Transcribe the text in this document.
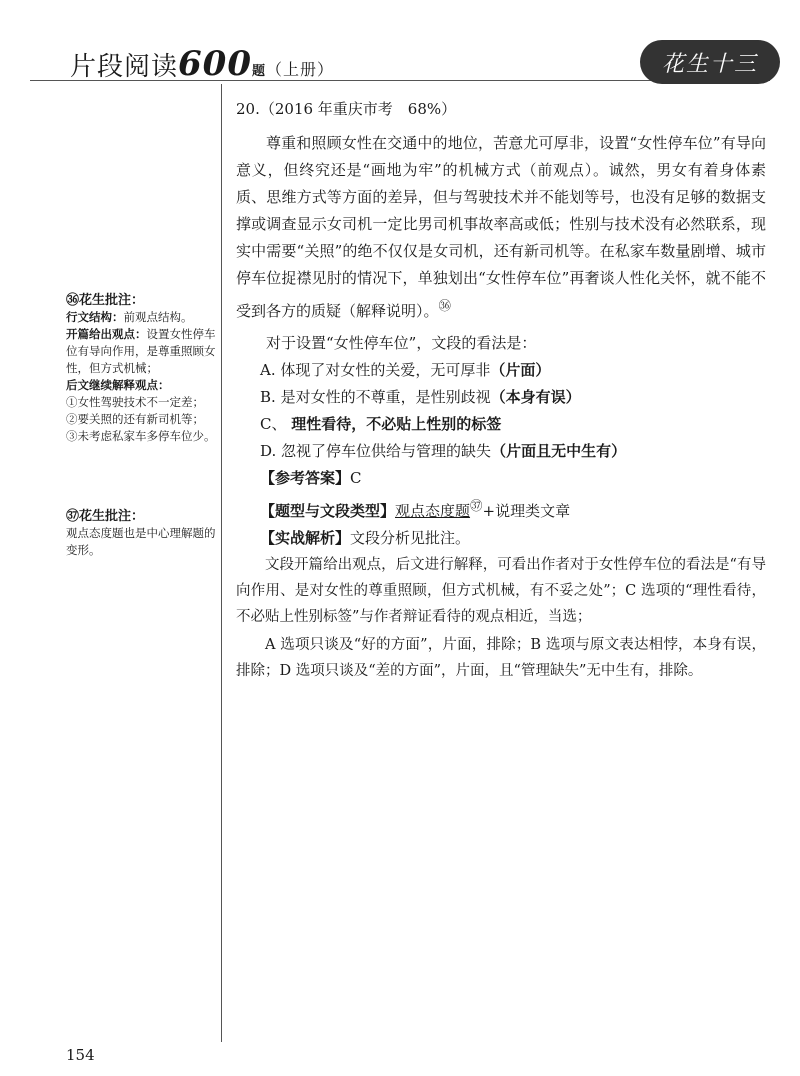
片段阅读600题（上册）	花生十三
20.（2016 年重庆市考　68%）

尊重和照顾女性在交通中的地位，苦意尤可厚非，设置“女性停车位”有导向意义，但终究还是“画地为牢”的机械方式（前观点）。诚然，男女有着身体素质、思维方式等方面的差异，但与驾驶技术并不能划等号，也没有足够的数据支撑或调查显示女司机一定比男司机事故率高或低；性别与技术没有必然联系，现实中需要“关照”的绝不仅仅是女司机，还有新司机等。在私家车数量剧增、城市停车位捉襟见肘的情况下，单独划出“女性停车位”再奢谈人性化关怀，就不能不受到各方的质疑（解释说明）。$^㊱$

对于设置“女性停车位”，文段的看法是：
A. 体现了对女性的关爱，无可厚非（片面）
B. 是对女性的不尊重，是性别歧视（本身有误）
C、 理性看待，不必贴上性别的标签
D. 忽视了停车位供给与管理的缺失（片面且无中生有）
【参考答案】C
【题型与文段类型】观点态度题$^㊲$+说理类文章
【实战解析】文段分析见批注。

文段开篇给出观点，后文进行解释，可看出作者对于女性停车位的看法是“有导向作用、是对女性的尊重照顾，但方式机械，有不妥之处”；C 选项的“理性看待，不必贴上性别标签”与作者辩证看待的观点相近，当选；

A 选项只谈及“好的方面”，片面，排除；B 选项与原文表达相悖，本身有误，排除；D 选项只谈及“差的方面”，片面，且“管理缺失”无中生有，排除。

㊱花生批注：
行文结构：前观点结构。
开篇给出观点：设置女性停车位有导向作用，是尊重照顾女性，但方式机械；
后文继续解释观点：
①女性驾驶技术不一定差；
②要关照的还有新司机等；
③未考虑私家车多停车位少。
㊲花生批注：
观点态度题也是中心理解题的变形。
154
